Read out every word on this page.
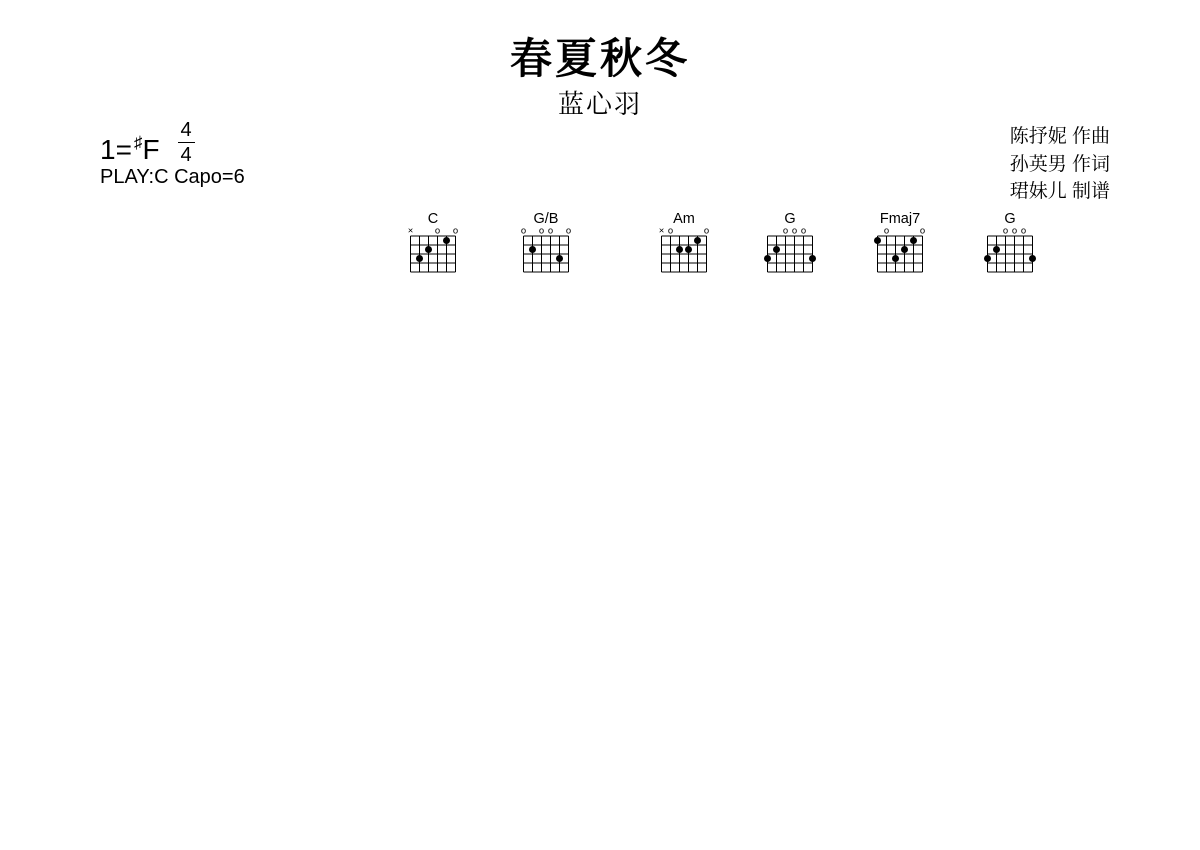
春夏秋冬
蓝心羽
$1= ^♯F \frac{4}{4}$
PLAY:C Capo=6
陈抒妮 作曲
孙英男 作词
珺妹儿 制谱
C
× o o
G/B
o o o o
Am
× o	o
G
o o o
Fmaj7
o	o
G
o o o
